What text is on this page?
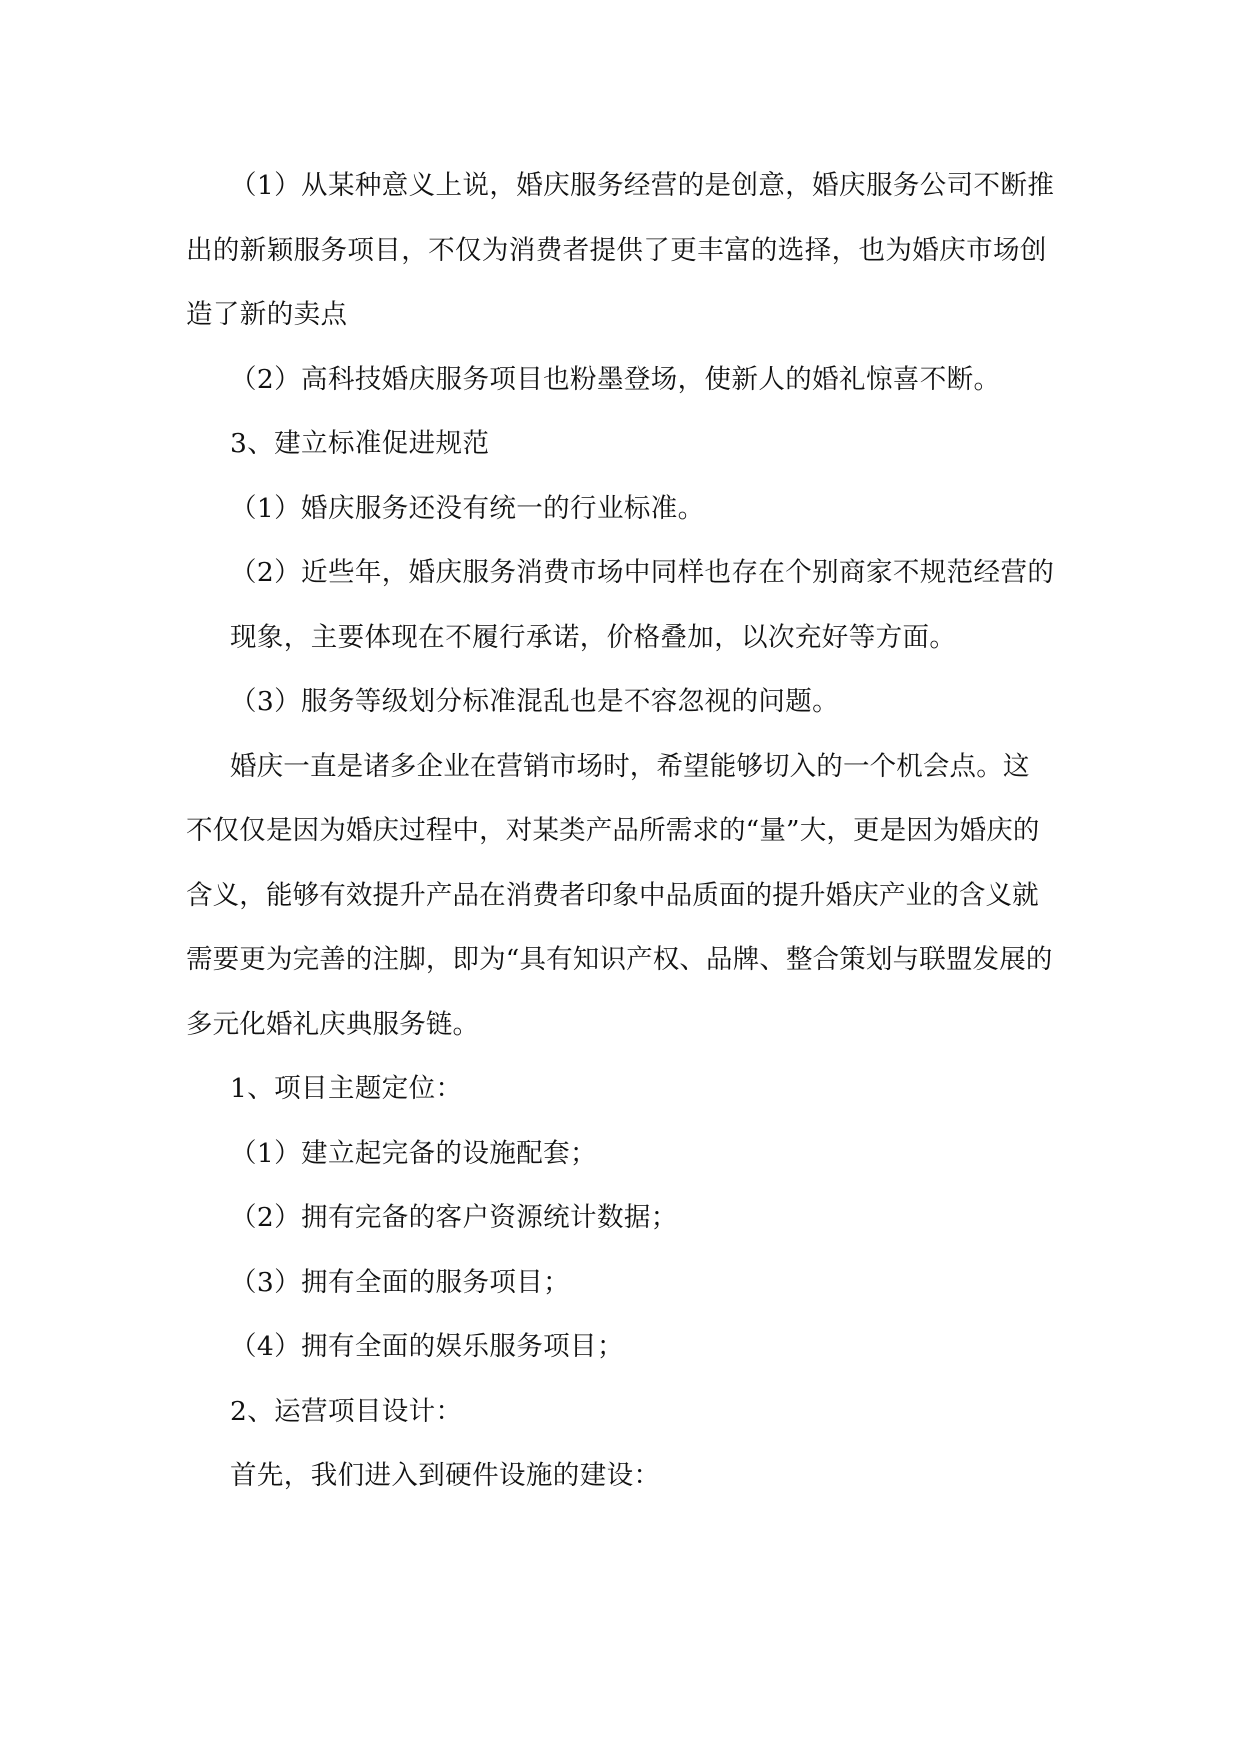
（1）从某种意义上说，婚庆服务经营的是创意，婚庆服务公司不断推出的新颖服务项目，不仅为消费者提供了更丰富的选择，也为婚庆市场创造了新的卖点

（2）高科技婚庆服务项目也粉墨登场，使新人的婚礼惊喜不断。

3、建立标准促进规范

（1）婚庆服务还没有统一的行业标准。

（2）近些年，婚庆服务消费市场中同样也存在个别商家不规范经营的

现象，主要体现在不履行承诺，价格叠加，以次充好等方面。

（3）服务等级划分标准混乱也是不容忽视的问题。

婚庆一直是诸多企业在营销市场时，希望能够切入的一个机会点。这不仅仅是因为婚庆过程中，对某类产品所需求的“量”大，更是因为婚庆的含义，能够有效提升产品在消费者印象中品质面的提升婚庆产业的含义就需要更为完善的注脚，即为“具有知识产权、品牌、整合策划与联盟发展的多元化婚礼庆典服务链。

1、项目主题定位：

（1）建立起完备的设施配套；

（2）拥有完备的客户资源统计数据；

（3）拥有全面的服务项目；

（4）拥有全面的娱乐服务项目；

2、运营项目设计：

首先，我们进入到硬件设施的建设：
